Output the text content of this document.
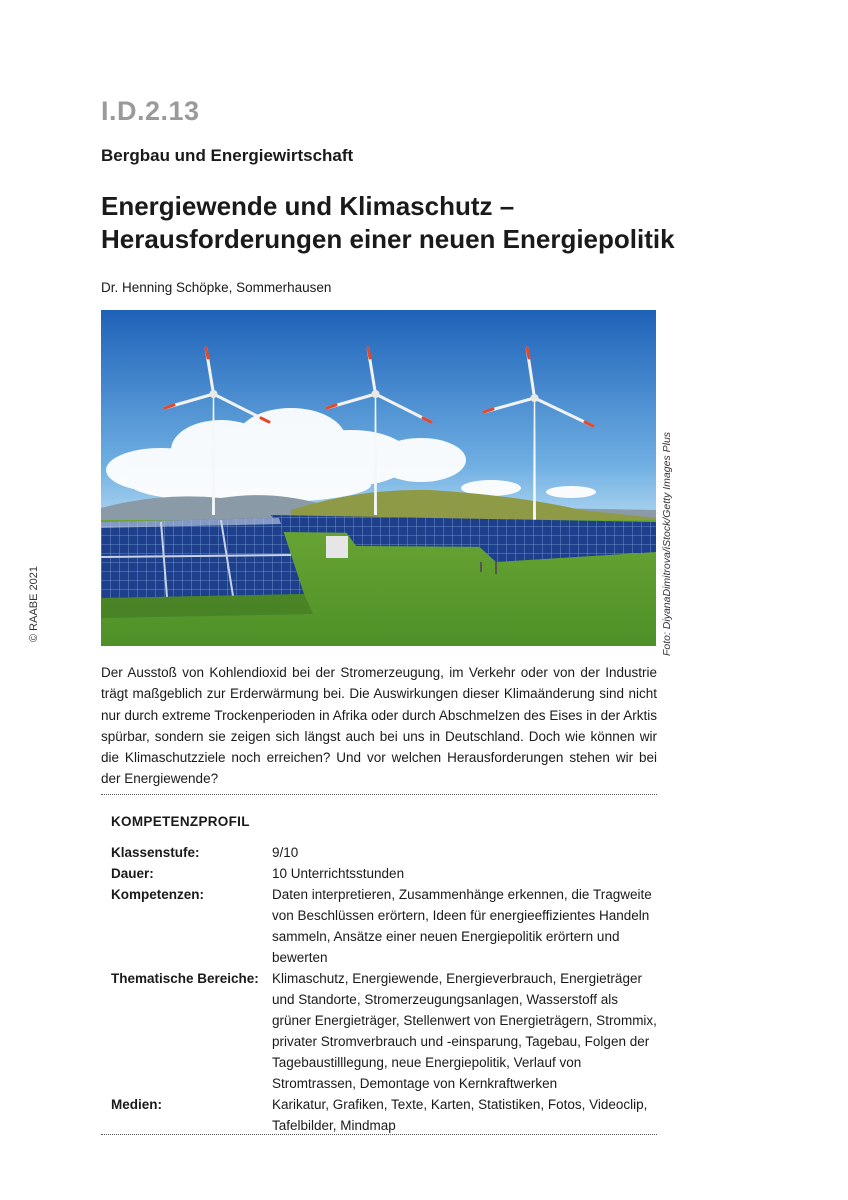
I.D.2.13
Bergbau und Energiewirtschaft
Energiewende und Klimaschutz –
Herausforderungen einer neuen Energiepolitik
Dr. Henning Schöpke, Sommerhausen
© RAABE 2021	Foto: DiyanaDimitrova/iStock/Getty Images Plus

Der Ausstoß von Kohlendioxid bei der Stromerzeugung, im Verkehr oder von der Industrie trägt maßgeblich zur Erderwärmung bei. Die Auswirkungen dieser Klimaänderung sind nicht nur durch extreme Trockenperioden in Afrika oder durch Abschmelzen des Eises in der Arktis spürbar, sondern sie zeigen sich längst auch bei uns in Deutschland. Doch wie können wir die Klimaschutzziele noch erreichen? Und vor welchen Herausforderungen stehen wir bei der Energiewende?

KOMPETENZPROFIL
Klassenstufe:	9/10
Dauer:	10 Unterrichtsstunden
Kompetenzen:	Daten interpretieren, Zusammenhänge erkennen, die Tragweite von Beschlüssen erörtern, Ideen für energieeffizientes Handeln sammeln, Ansätze einer neuen Energiepolitik erörtern und bewerten
Thematische Bereiche: Klimaschutz, Energiewende, Energieverbrauch, Energieträger und Standorte, Stromerzeugungsanlagen, Wasserstoff als grüner Energieträger, Stellenwert von Energieträgern, Strommix, privater Stromverbrauch und -einsparung, Tagebau, Folgen der Tagebaustilllegung, neue Energiepolitik, Verlauf von Stromtrassen, Demontage von Kernkraftwerken
Medien:	Karikatur, Grafiken, Texte, Karten, Statistiken, Fotos, Videoclip, Tafelbilder, Mindmap
